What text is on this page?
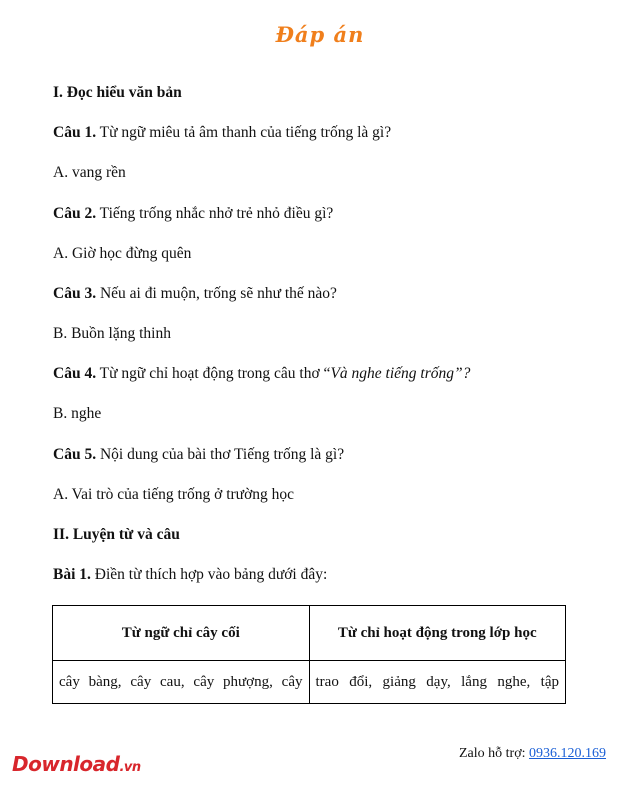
Đáp án
I. Đọc hiểu văn bản
Câu 1. Từ ngữ miêu tả âm thanh của tiếng trống là gì?
A. vang rền
Câu 2. Tiếng trống nhắc nhở trẻ nhỏ điều gì?
A. Giờ học đừng quên
Câu 3. Nếu ai đi muộn, trống sẽ như thế nào?
B. Buồn lặng thinh
Câu 4. Từ ngữ chỉ hoạt động trong câu thơ “Và nghe tiếng trống”?
B. nghe
Câu 5. Nội dung của bài thơ Tiếng trống là gì?
A. Vai trò của tiếng trống ở trường học
II. Luyện từ và câu
Bài 1. Điền từ thích hợp vào bảng dưới đây:
Từ ngữ chỉ cây cối	Từ chỉ hoạt động trong lớp học
cây bàng, cây cau, cây phượng, cây	trao đổi, giảng dạy, lắng nghe, tập
Download.vn
Zalo hỗ trợ: 0936.120.169
